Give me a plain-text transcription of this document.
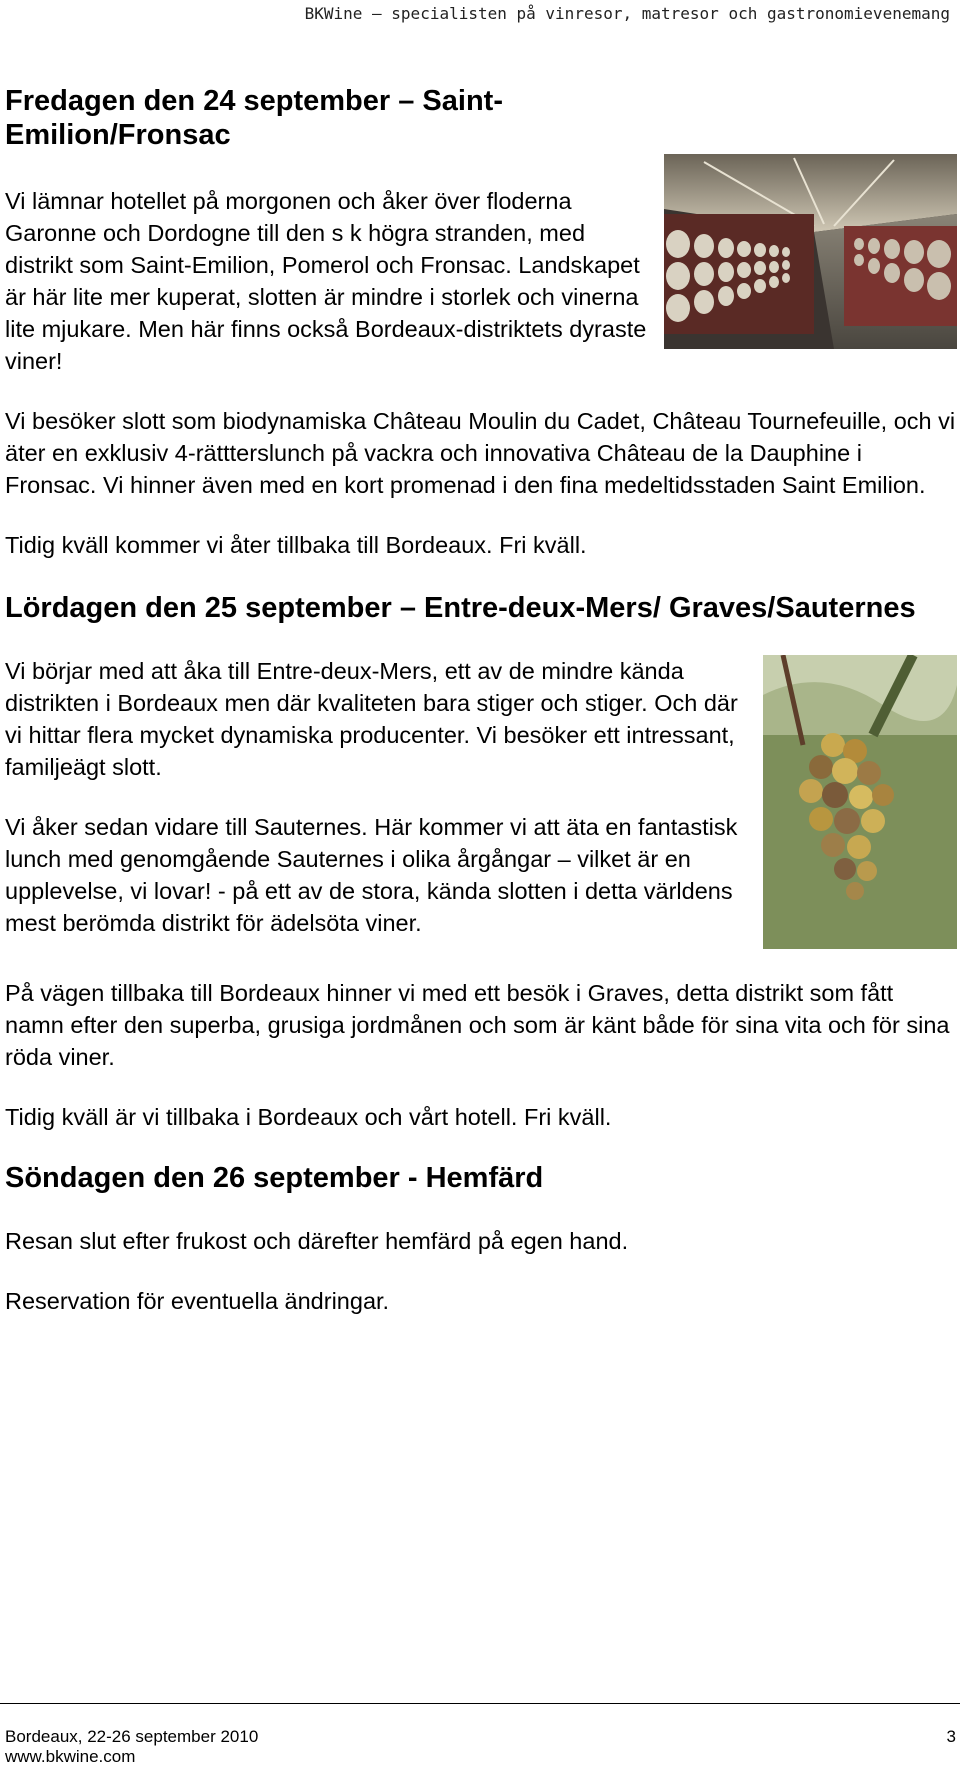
BKWine – specialisten på vinresor, matresor och gastronomievenemang
Fredagen den 24 september – Saint-Emilion/Fronsac

Vi lämnar hotellet på morgonen och åker över floderna Garonne och Dordogne till den s k högra stranden, med distrikt som Saint-Emilion, Pomerol och Fronsac. Landskapet är här lite mer kuperat, slotten är mindre i storlek och vinerna lite mjukare. Men här finns också Bordeaux-distriktets dyraste viner!

Vi besöker slott som biodynamiska Château Moulin du Cadet, Château Tournefeuille, och vi äter en exklusiv 4-rättterslunch på vackra och innovativa Château de la Dauphine i Fronsac. Vi hinner även med en kort promenad i den fina medeltidsstaden Saint Emilion.

Tidig kväll kommer vi åter tillbaka till Bordeaux. Fri kväll.

Lördagen den 25 september – Entre-deux-Mers/ Graves/Sauternes

Vi börjar med att åka till Entre-deux-Mers, ett av de mindre kända distrikten i Bordeaux men där kvaliteten bara stiger och stiger. Och där vi hittar flera mycket dynamiska producenter. Vi besöker ett intressant, familjeägt slott.

Vi åker sedan vidare till Sauternes. Här kommer vi att äta en fantastisk lunch med genomgående Sauternes i olika årgångar – vilket är en upplevelse, vi lovar! - på ett av de stora, kända slotten i detta världens mest berömda distrikt för ädelsöta viner.

På vägen tillbaka till Bordeaux hinner vi med ett besök i Graves, detta distrikt som fått namn efter den superba, grusiga jordmånen och som är känt både för sina vita och för sina röda viner.

Tidig kväll är vi tillbaka i Bordeaux och vårt hotell. Fri kväll.

Söndagen den 26 september - Hemfärd

Resan slut efter frukost och därefter hemfärd på egen hand.

Reservation för eventuella ändringar.

Bordeaux, 22-26 september 2010
www.bkwine.com
3
